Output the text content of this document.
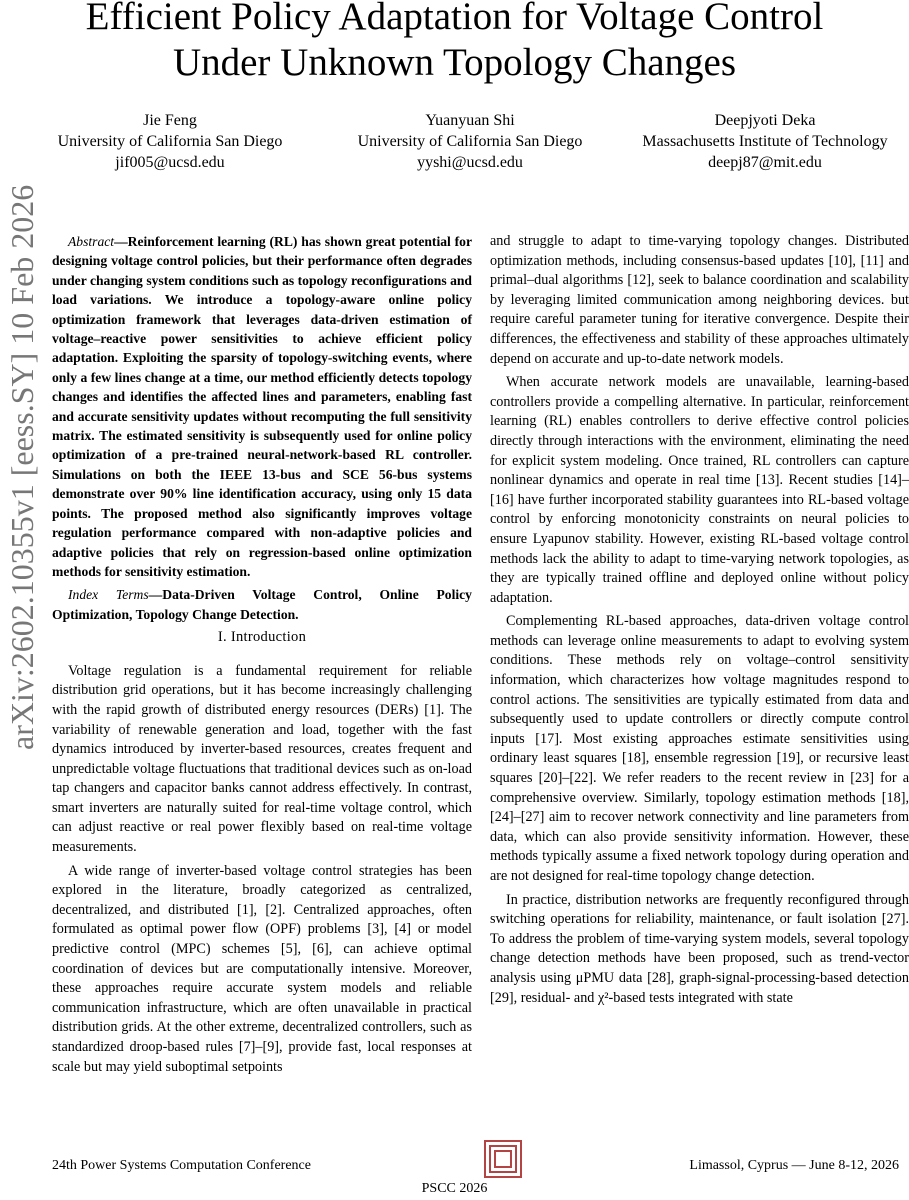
Efficient Policy Adaptation for Voltage Control
Under Unknown Topology Changes
Jie Feng
University of California San Diego
jif005@ucsd.edu
Yuanyuan Shi
University of California San Diego
yyshi@ucsd.edu
Deepjyoti Deka
Massachusetts Institute of Technology
deepj87@mit.edu
arXiv:2602.10355v1 [eess.SY] 10 Feb 2026	Abstract—Reinforcement learning (RL) has shown great potential for designing voltage control policies, but their performance often degrades under changing system conditions such as topology reconfigurations and load variations. We introduce a topology-aware online policy optimization framework that leverages data-driven estimation of voltage–reactive power sensitivities to achieve efficient policy adaptation. Exploiting the sparsity of topology-switching events, where only a few lines change at a time, our method efficiently detects topology changes and identifies the affected lines and parameters, enabling fast and accurate sensitivity updates without recomputing the full sensitivity matrix. The estimated sensitivity is subsequently used for online policy optimization of a pre-trained neural-network-based RL controller. Simulations on both the IEEE 13-bus and SCE 56-bus systems demonstrate over 90% line identification accuracy, using only 15 data points. The proposed method also significantly improves voltage regulation performance compared with non-adaptive policies and adaptive policies that rely on regression-based online optimization methods for sensitivity estimation.

Index Terms—Data-Driven Voltage Control, Online Policy Optimization, Topology Change Detection.

I. Introduction

Voltage regulation is a fundamental requirement for reliable distribution grid operations, but it has become increasingly challenging with the rapid growth of distributed energy resources (DERs) [1]. The variability of renewable generation and load, together with the fast dynamics introduced by inverter-based resources, creates frequent and unpredictable voltage fluctuations that traditional devices such as on-load tap changers and capacitor banks cannot address effectively. In contrast, smart inverters are naturally suited for real-time voltage control, which can adjust reactive or real power flexibly based on real-time voltage measurements.

A wide range of inverter-based voltage control strategies has been explored in the literature, broadly categorized as centralized, decentralized, and distributed [1], [2]. Centralized approaches, often formulated as optimal power flow (OPF) problems [3], [4] or model predictive control (MPC) schemes [5], [6], can achieve optimal coordination of devices but are computationally intensive. Moreover, these approaches require accurate system models and reliable communication infrastructure, which are often unavailable in practical distribution grids. At the other extreme, decentralized controllers, such as standardized droop-based rules [7]–[9], provide fast, local responses at scale but may yield suboptimal setpoints

and struggle to adapt to time-varying topology changes. Distributed optimization methods, including consensus-based updates [10], [11] and primal–dual algorithms [12], seek to balance coordination and scalability by leveraging limited communication among neighboring devices. but require careful parameter tuning for iterative convergence. Despite their differences, the effectiveness and stability of these approaches ultimately depend on accurate and up-to-date network models.

When accurate network models are unavailable, learning-based controllers provide a compelling alternative. In particular, reinforcement learning (RL) enables controllers to derive effective control policies directly through interactions with the environment, eliminating the need for explicit system modeling. Once trained, RL controllers can capture nonlinear dynamics and operate in real time [13]. Recent studies [14]–[16] have further incorporated stability guarantees into RL-based voltage control by enforcing monotonicity constraints on neural policies to ensure Lyapunov stability. However, existing RL-based voltage control methods lack the ability to adapt to time-varying network topologies, as they are typically trained offline and deployed online without policy adaptation.

Complementing RL-based approaches, data-driven voltage control methods can leverage online measurements to adapt to evolving system conditions. These methods rely on voltage–control sensitivity information, which characterizes how voltage magnitudes respond to control actions. The sensitivities are typically estimated from data and subsequently used to update controllers or directly compute control inputs [17]. Most existing approaches estimate sensitivities using ordinary least squares [18], ensemble regression [19], or recursive least squares [20]–[22]. We refer readers to the recent review in [23] for a comprehensive overview. Similarly, topology estimation methods [18], [24]–[27] aim to recover network connectivity and line parameters from data, which can also provide sensitivity information. However, these methods typically assume a fixed network topology during operation and are not designed for real-time topology change detection.

In practice, distribution networks are frequently reconfigured through switching operations for reliability, maintenance, or fault isolation [27]. To address the problem of time-varying system models, several topology change detection methods have been proposed, such as trend-vector analysis using μPMU data [28], graph-signal-processing-based detection [29], residual- and χ²-based tests integrated with state

24th Power Systems Computation Conference
PSCC 2026
Limassol, Cyprus — June 8-12, 2026
